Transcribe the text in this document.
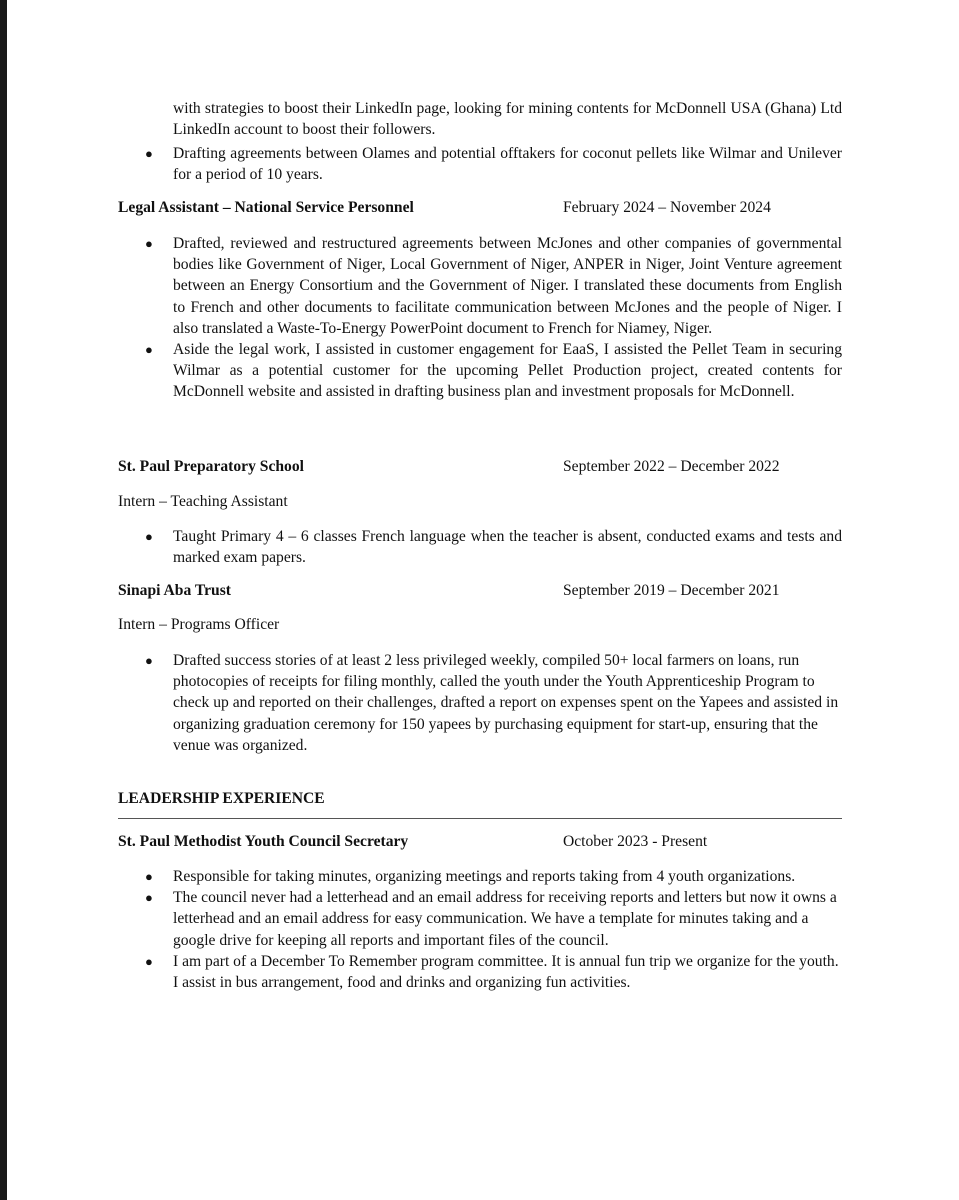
with strategies to boost their LinkedIn page, looking for mining contents for McDonnell USA (Ghana) Ltd LinkedIn account to boost their followers.
● Drafting agreements between Olames and potential offtakers for coconut pellets like Wilmar and Unilever for a period of 10 years.
Legal Assistant – National Service Personnel	February 2024 – November 2024
● Drafted, reviewed and restructured agreements between McJones and other companies of governmental bodies like Government of Niger, Local Government of Niger, ANPER in Niger, Joint Venture agreement between an Energy Consortium and the Government of Niger. I translated these documents from English to French and other documents to facilitate communication between McJones and the people of Niger. I also translated a Waste-To-Energy PowerPoint document to French for Niamey, Niger.
● Aside the legal work, I assisted in customer engagement for EaaS, I assisted the Pellet Team in securing Wilmar as a potential customer for the upcoming Pellet Production project, created contents for McDonnell website and assisted in drafting business plan and investment proposals for McDonnell.
St. Paul Preparatory School	September 2022 – December 2022
Intern – Teaching Assistant
● Taught Primary 4 – 6 classes French language when the teacher is absent, conducted exams and tests and marked exam papers.
Sinapi Aba Trust	September 2019 – December 2021
Intern – Programs Officer
● Drafted success stories of at least 2 less privileged weekly, compiled 50+ local farmers on loans, run photocopies of receipts for filing monthly, called the youth under the Youth Apprenticeship Program to check up and reported on their challenges, drafted a report on expenses spent on the Yapees and assisted in organizing graduation ceremony for 150 yapees by purchasing equipment for start-up, ensuring that the venue was organized.
LEADERSHIP EXPERIENCE
St. Paul Methodist Youth Council Secretary	October 2023 - Present
● Responsible for taking minutes, organizing meetings and reports taking from 4 youth organizations.
● The council never had a letterhead and an email address for receiving reports and letters but now it owns a letterhead and an email address for easy communication. We have a template for minutes taking and a google drive for keeping all reports and important files of the council.
● I am part of a December To Remember program committee. It is annual fun trip we organize for the youth. I assist in bus arrangement, food and drinks and organizing fun activities.
